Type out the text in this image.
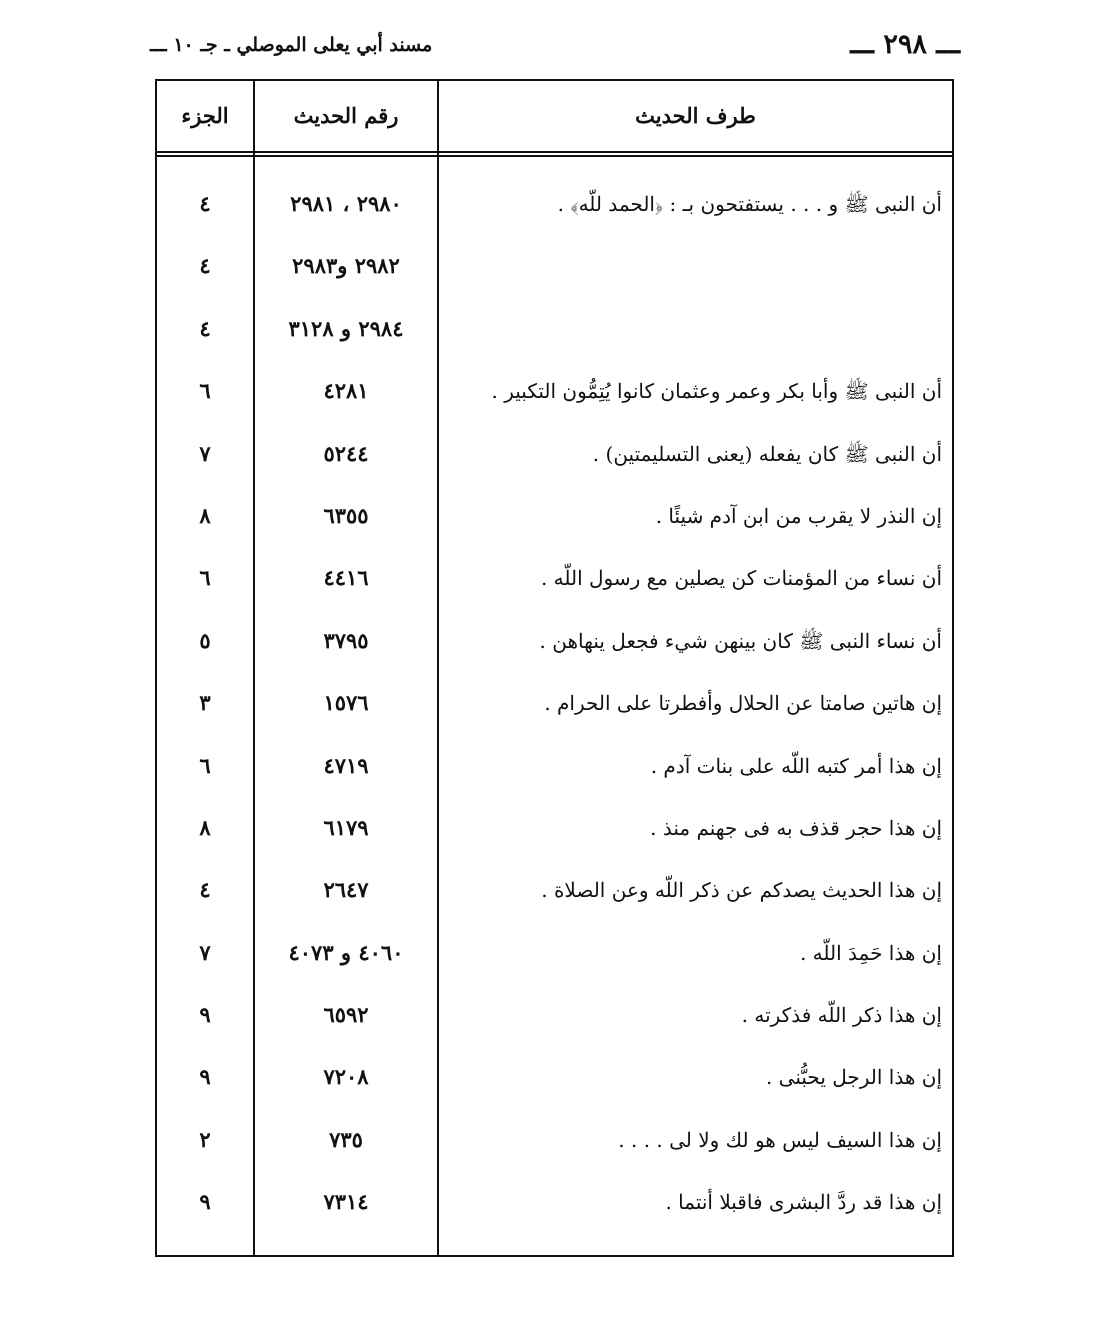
ـــ ۲۹۸ ـــ
مسند أبي يعلى الموصلي ـ جـ ۱۰ ـــ
طرف الحديث
رقم الحديث
الجزء
أن النبى ﷺ و . . . يستفتحون بـ : ﴿الحمد للّه﴾ .
۲۹۸۰ ، ۲۹۸۱
٤
۲۹۸۲ و۲۹۸۳
٤
۲۹۸٤ و ۳۱۲۸
٤
أن النبى ﷺ وأبا بكر وعمر وعثمان كانوا يُتِمُّون التكبير .
٤۲۸۱
٦
أن النبى ﷺ كان يفعله (يعنى التسليمتين) .
٥۲٤٤
۷
إن النذر لا يقرب من ابن آدم شيئًا .
٦۳٥٥
۸
أن نساء من المؤمنات كن يصلين مع رسول اللّه .
٤٤۱٦
٦
أن نساء النبى ﷺ كان بينهن شيء فجعل ينهاهن .
۳۷۹٥
٥
إن هاتين صامتا عن الحلال وأفطرتا على الحرام .
۱٥۷٦
۳
إن هذا أمر كتبه اللّه على بنات آدم .
٤۷۱۹
٦
إن هذا حجر قذف به فى جهنم منذ .
٦۱۷۹
۸
إن هذا الحديث يصدكم عن ذكر اللّه وعن الصلاة .
۲٦٤۷
٤
إن هذا حَمِدَ اللّه .
٤۰٦۰ و ٤۰۷۳
۷
إن هذا ذكر اللّه فذكرته .
٦٥۹۲
۹
إن هذا الرجل يحبُّنى .
۷۲۰۸
۹
إن هذا السيف ليس هو لك ولا لى . . . .
۷۳٥
۲
إن هذا قد ردَّ البشرى فاقبلا أنتما .
۷۳۱٤
۹
